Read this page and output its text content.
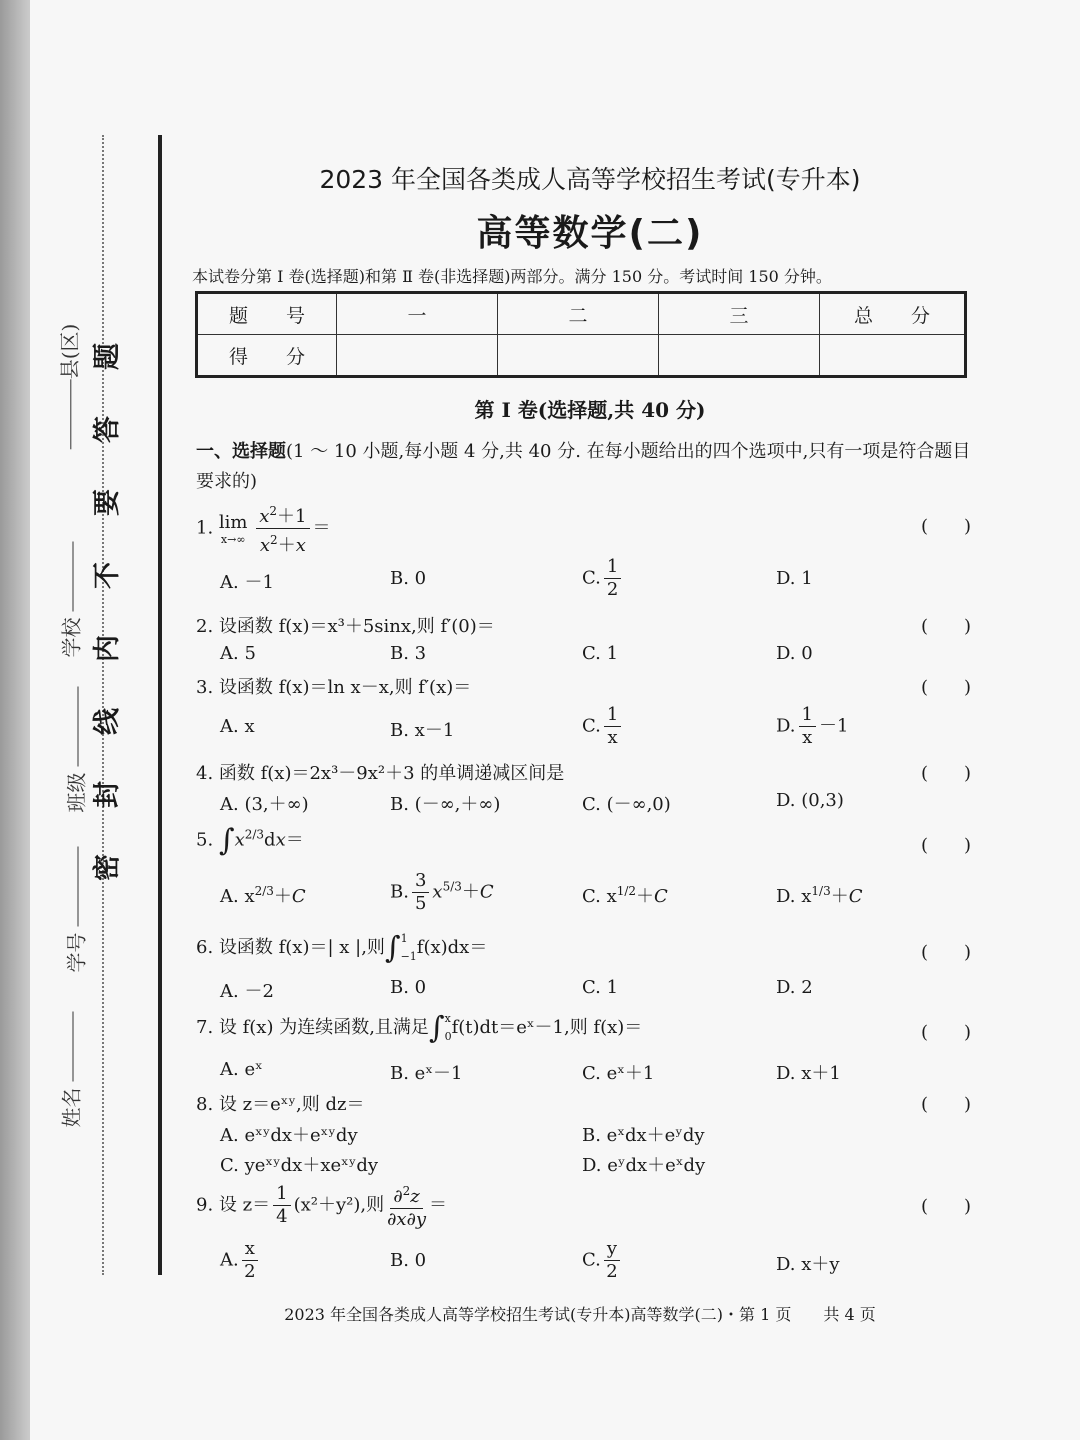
姓名
学号
班级
学校
县(区) 题
答
要
不
内
线
封
密
2023 年全国各类成人高等学校招生考试(专升本)
高等数学(二)
本试卷分第 Ⅰ 卷(选择题)和第 Ⅱ 卷(非选择题)两部分。满分 150 分。考试时间 150 分钟。
题　　号	一	二	三	总　　分
得　　分				
第 Ⅰ 卷(选择题,共 40 分)
一、选择题(1 ～ 10 小题,每小题 4 分,共 40 分. 在每小题给出的四个选项中,只有一项是符合题目要求的)
1. lim
x→∞
$\frac{x^2+1}{x^2+x}$ ＝	(　　)
A. －1	B. 0	C. $\frac{1}{2}$	D. 1
2. 设函数 f(x)＝x³＋5sinx,则 f′(0)＝	(　　)
A. 5	B. 3	C. 1	D. 0
3. 设函数 f(x)＝ln x－x,则 f′(x)＝	(　　)
A. x	B. x－1	C. $\frac{1}{x}$	D. $\frac{1}{x} -1$
4. 函数 f(x)＝2x³－9x²＋3 的单调递减区间是	(　　)
A. (3,＋∞)	B. (－∞,＋∞)	C. (－∞,0)	D. (0,3)
5. $\int x^{2/3}dx=$	(　　)
A. $x^{2/3}+C$	B. $\frac{3}{5} x^{5/3}+C$	C. $x^{1/2}+C$	D. $x^{1/3}+C$
6. 设函数 f(x)＝| x |,则∫ 1
−1 f(x)dx＝	(　　)
A. －2	B. 0	C. 1	D. 2
7. 设 f(x) 为连续函数,且满足∫ x
0 f(t)dt＝eˣ－1,则 f(x)＝	(　　)
A. eˣ	B. eˣ－1	C. eˣ＋1	D. x＋1
8. 设 z＝eˣʸ,则 dz＝	(　　)
A. eˣʸdx＋eˣʸdy	B. eˣdx＋eʸdy
C. yeˣʸdx＋xeˣʸdy	D. eʸdx＋eˣdy
9. 设 $z= \frac{1}{4} (x^2+y^2)$,则 $\frac{\partial^2z}{\partial x\partial y}$ ＝	(　　)
A. $\frac{x}{2}$	B. 0	C. $\frac{y}{2}$	D. x＋y
2023 年全国各类成人高等学校招生考试(专升本)高等数学(二)・第 1 页　　共 4 页
